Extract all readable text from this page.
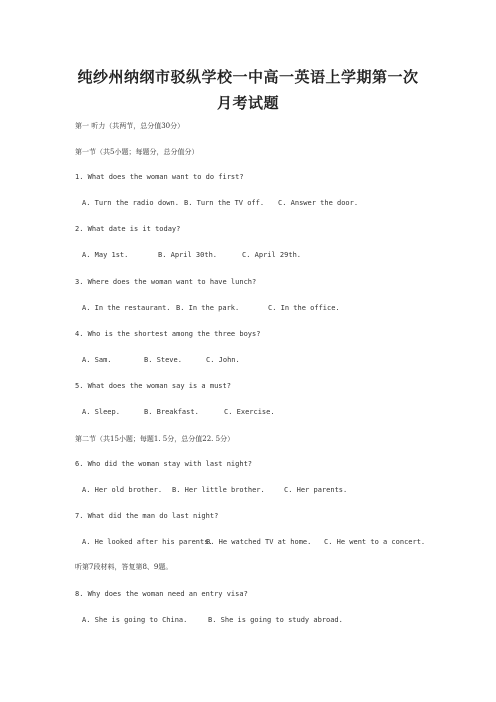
纯纱州纳纲市驳纵学校一中高一英语上学期第一次
月考试题
第一 听力（共两节，总分值30分）
第一节（共5小题；每题分，总分值分）
1. What does the woman want to do first?
A. Turn the radio down. B. Turn the TV off. C. Answer the door.
2. What date is it today?
A. May 1st.	B. April 30th.	C. April 29th.
3. Where does the woman want to have lunch?
A. In the restaurant. B. In the park.	C. In the office.
4. Who is the shortest among the three boys?
A. Sam.	B. Steve.	C. John.
5. What does the woman say is a must?
A. Sleep.	B. Breakfast.	C. Exercise.
第二节（共15小题；每题1. 5分，总分值22. 5分）
6. Who did the woman stay with last night?
A. Her old brother. B. Her little brother.	C. Her parents.
7. What did the man do last night?
A. He looked after his parents.B. He watched TV at home. C. He went to a concert.
听第7段材料，答复第8、9题。
8. Why does the woman need an entry visa?
A. She is going to China.	B. She is going to study abroad.
